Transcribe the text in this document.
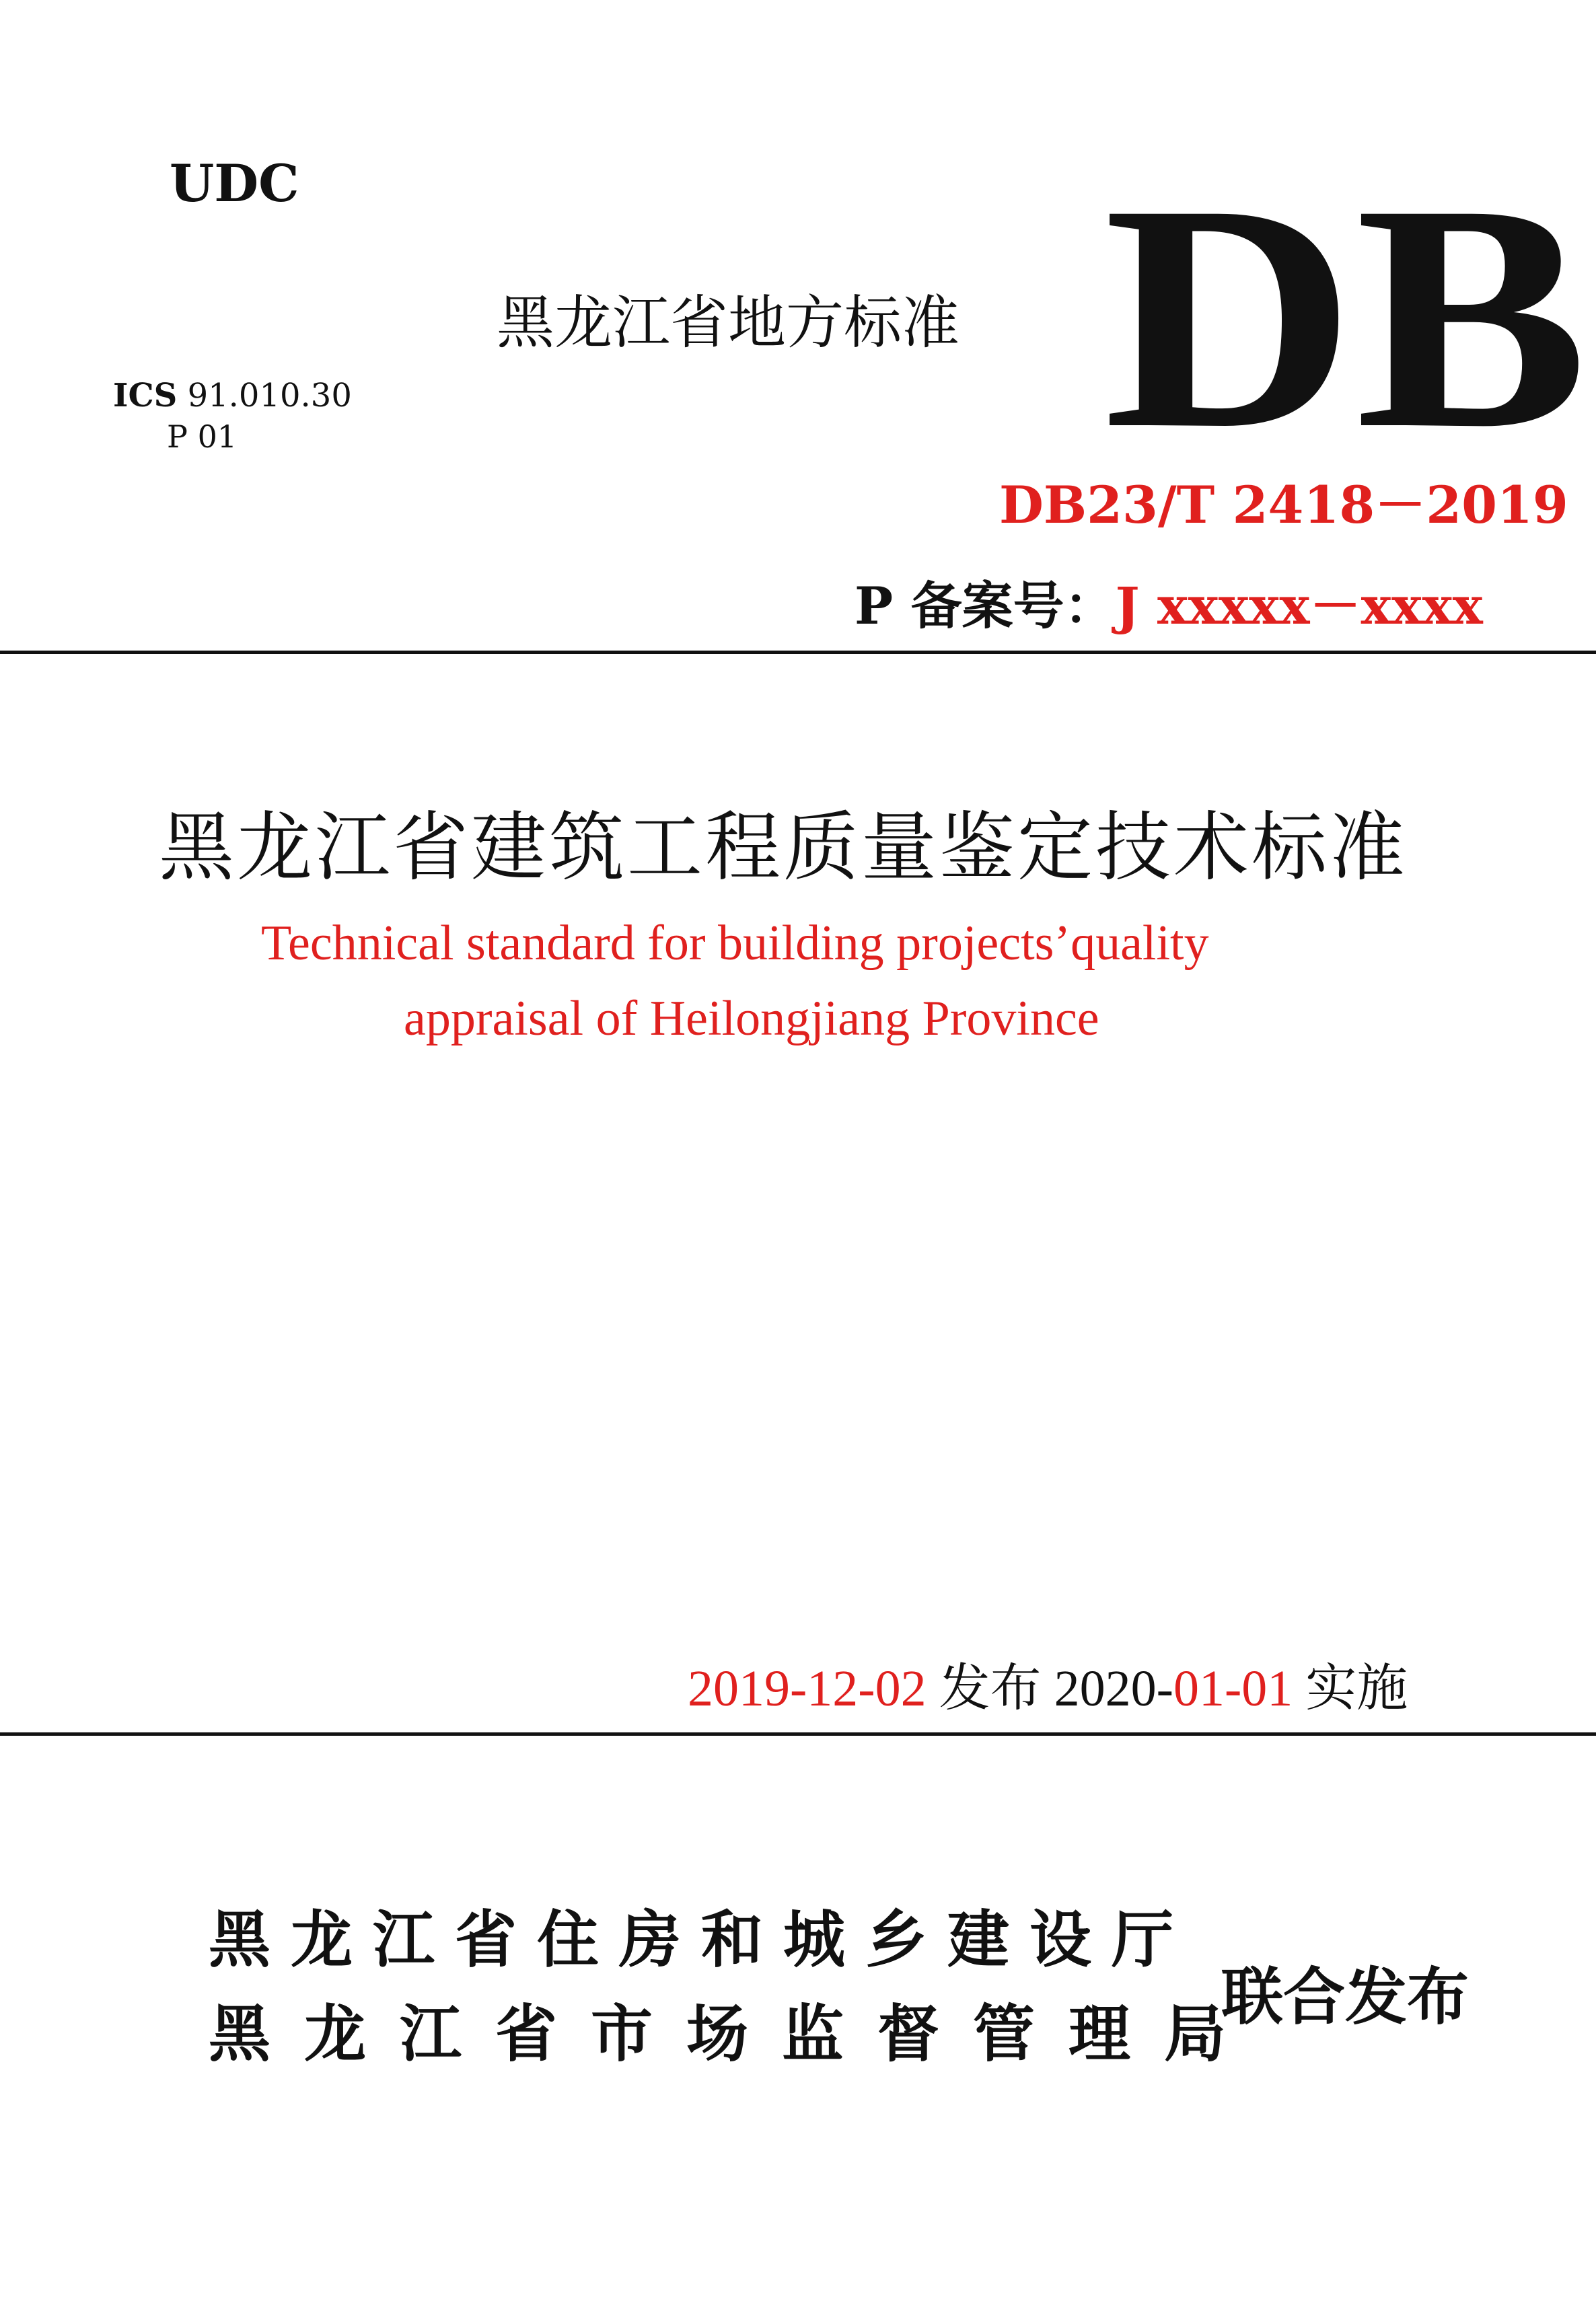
UDC
黑龙江省地方标准 DB
ICS 91.010.30
P 01
DB23/T 2418－2019
P 备案号：J xxxxx－xxxx
黑龙江省建筑工程质量鉴定技术标准
Technical standard for building projects’quality
appraisal of Heilongjiang Province
2019-12-02 发布 2020-01-01 实施
黑龙江省住房和城乡建设厅
黑龙江省市场监督管理局
联合发布
